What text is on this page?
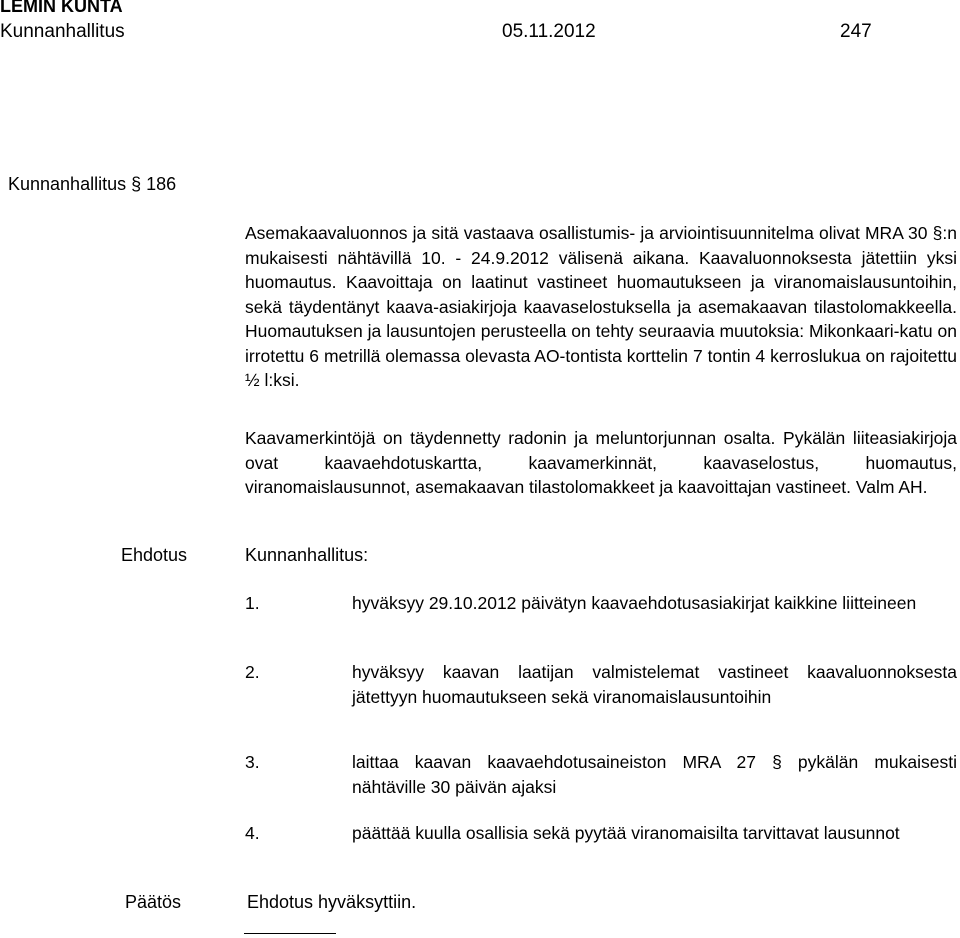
LEMIN KUNTA
Kunnanhallitus	05.11.2012	247
Kunnanhallitus § 186
Asemakaavaluonnos ja sitä vastaava osallistumis- ja arviointisuunnitelma olivat MRA 30 §:n mukaisesti nähtävillä 10. - 24.9.2012 välisenä aikana. Kaavaluonnoksesta jätettiin yksi huomautus. Kaavoittaja on laatinut vastineet huomautukseen ja viranomaislausuntoihin, sekä täydentänyt kaava-asiakirjoja kaavaselostuksella ja asemakaavan tilastolomakkeella. Huomautuksen ja lausuntojen perusteella on tehty seuraavia muutoksia: Mikonkaari-katu on irrotettu 6 metrillä olemassa olevasta AO-tontista korttelin 7 tontin 4 kerroslukua on rajoitettu ½ l:ksi.
Kaavamerkintöjä on täydennetty radonin ja meluntorjunnan osalta. Pykälän liiteasiakirjoja ovat kaavaehdotuskartta, kaavamerkinnät, kaavaselostus, huomautus, viranomaislausunnot, asemakaavan tilastolomakkeet ja kaavoittajan vastineet. Valm AH.
Ehdotus	Kunnanhallitus:
1.	hyväksyy 29.10.2012 päivätyn kaavaehdotusasiakirjat kaikkine liitteineen
2.	hyväksyy kaavan laatijan valmistelemat vastineet kaavaluonnoksesta jätettyyn huomautukseen sekä viranomaislausuntoihin
3.	laittaa kaavan kaavaehdotusaineiston MRA 27 § pykälän mukaisesti nähtäville 30 päivän ajaksi
4.	päättää kuulla osallisia sekä pyytää viranomaisilta tarvittavat lausunnot
Päätös	Ehdotus hyväksyttiin.
